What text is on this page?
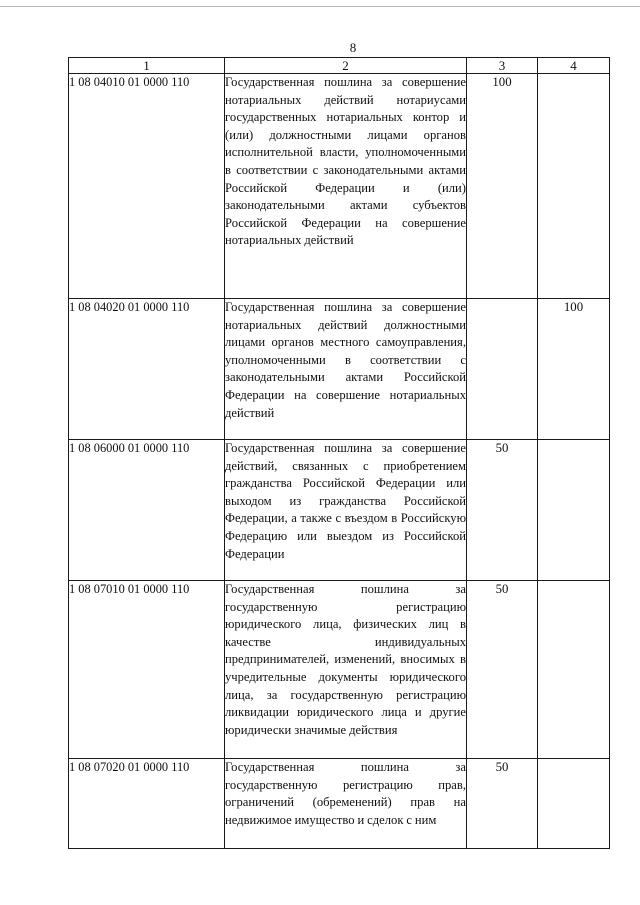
8
1	2	3	4
1 08 04010 01 0000 110	Государственная пошлина за совершение нотариальных действий нотариусами государственных нотариальных контор и (или) должностными лицами органов исполнительной власти, уполномоченными в соответствии с законодательными актами Российской Федерации и (или) законодательными актами субъектов Российской Федерации на совершение нотариальных действий	100	
1 08 04020 01 0000 110	Государственная пошлина за совершение нотариальных действий должностными лицами органов местного самоуправления, уполномоченными в соответствии с законодательными актами Российской Федерации на совершение нотариальных действий		100
1 08 06000 01 0000 110	Государственная пошлина за совершение действий, связанных с приобретением гражданства Российской Федерации или выходом из гражданства Российской Федерации, а также с въездом в Российскую Федерацию или выездом из Российской Федерации	50	
1 08 07010 01 0000 110	Государственная пошлина за государственную регистрацию юридического лица, физических лиц в качестве индивидуальных предпринимателей, изменений, вносимых в учредительные документы юридического лица, за государственную регистрацию ликвидации юридического лица и другие юридически значимые действия	50	
1 08 07020 01 0000 110	Государственная пошлина за государственную регистрацию прав, ограничений (обременений) прав на недвижимое имущество и сделок с ним	50	
